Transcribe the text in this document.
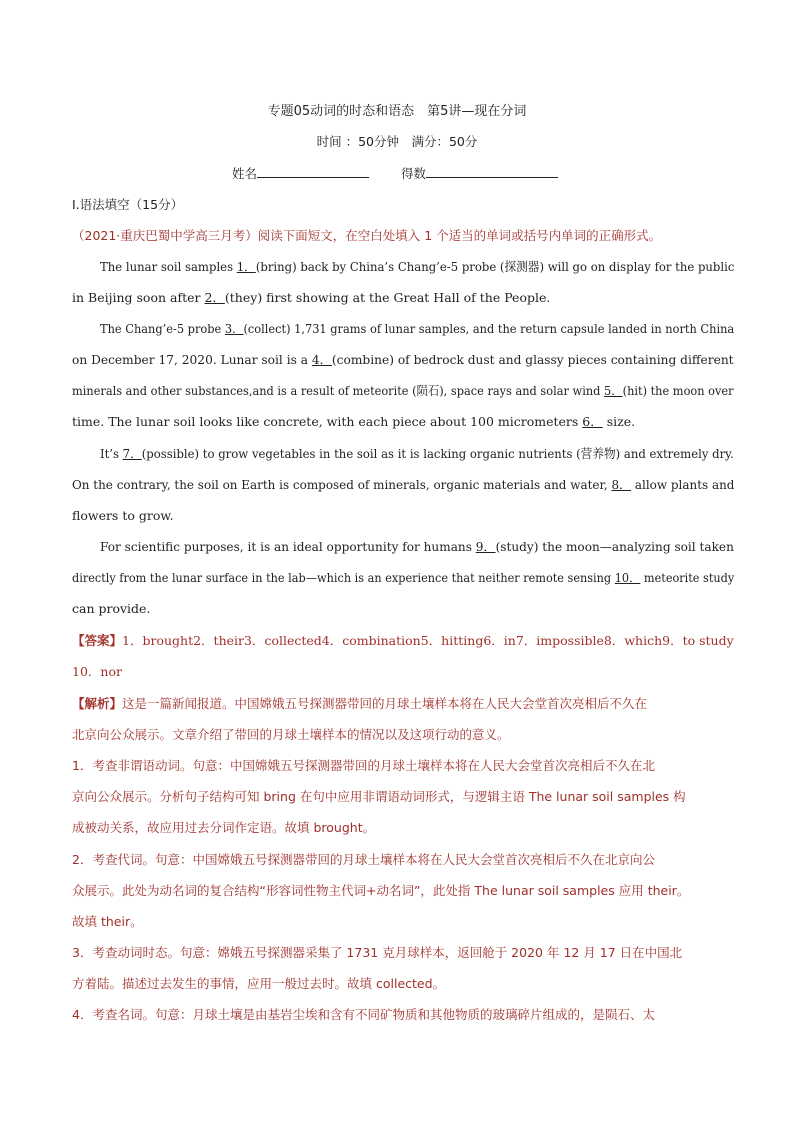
专题05动词的时态和语态　第5讲—现在分词
时间 ：50分钟　满分：50分
姓名	得数
I.语法填空（15分）
（2021·重庆巴蜀中学高三月考）阅读下面短文，在空白处填入 1 个适当的单词或括号内单词的正确形式。
The lunar soil samples 1．(bring) back by China’s Chang’e-5 probe (探测器) will go on display for the public
in Beijing soon after 2．(they) first showing at the Great Hall of the People.
The Chang’e-5 probe 3．(collect) 1,731 grams of lunar samples, and the return capsule landed in north China
on December 17, 2020. Lunar soil is a 4．(combine) of bedrock dust and glassy pieces containing different
minerals and other substances,and is a result of meteorite (陨石), space rays and solar wind 5．(hit) the moon over
time. The lunar soil looks like concrete, with each piece about 100 micrometers 6． size.
It’s 7．(possible) to grow vegetables in the soil as it is lacking organic nutrients (营养物) and extremely dry.
On the contrary, the soil on Earth is composed of minerals, organic materials and water, 8． allow plants and
flowers to grow.
For scientific purposes, it is an ideal opportunity for humans 9．(study) the moon—analyzing soil taken
directly from the lunar surface in the lab—which is an experience that neither remote sensing 10． meteorite study
can provide.
【答案】1．brought2．their3．collected4．combination5．hitting6．in7．impossible8．which9．to study
10．nor
【解析】这是一篇新闻报道。中国嫦娥五号探测器带回的月球土壤样本将在人民大会堂首次亮相后不久在
北京向公众展示。文章介绍了带回的月球土壤样本的情况以及这项行动的意义。
1．考查非谓语动词。句意：中国嫦娥五号探测器带回的月球土壤样本将在人民大会堂首次亮相后不久在北
京向公众展示。分析句子结构可知 bring 在句中应用非谓语动词形式，与逻辑主语 The lunar soil samples 构
成被动关系，故应用过去分词作定语。故填 brought。
2．考查代词。句意：中国嫦娥五号探测器带回的月球土壤样本将在人民大会堂首次亮相后不久在北京向公
众展示。此处为动名词的复合结构“形容词性物主代词+动名词”，此处指 The lunar soil samples 应用 their。
故填 their。
3．考查动词时态。句意：嫦娥五号探测器采集了 1731 克月球样本，返回舱于 2020 年 12 月 17 日在中国北
方着陆。描述过去发生的事情，应用一般过去时。故填 collected。
4．考查名词。句意：月球土壤是由基岩尘埃和含有不同矿物质和其他物质的玻璃碎片组成的，是陨石、太
